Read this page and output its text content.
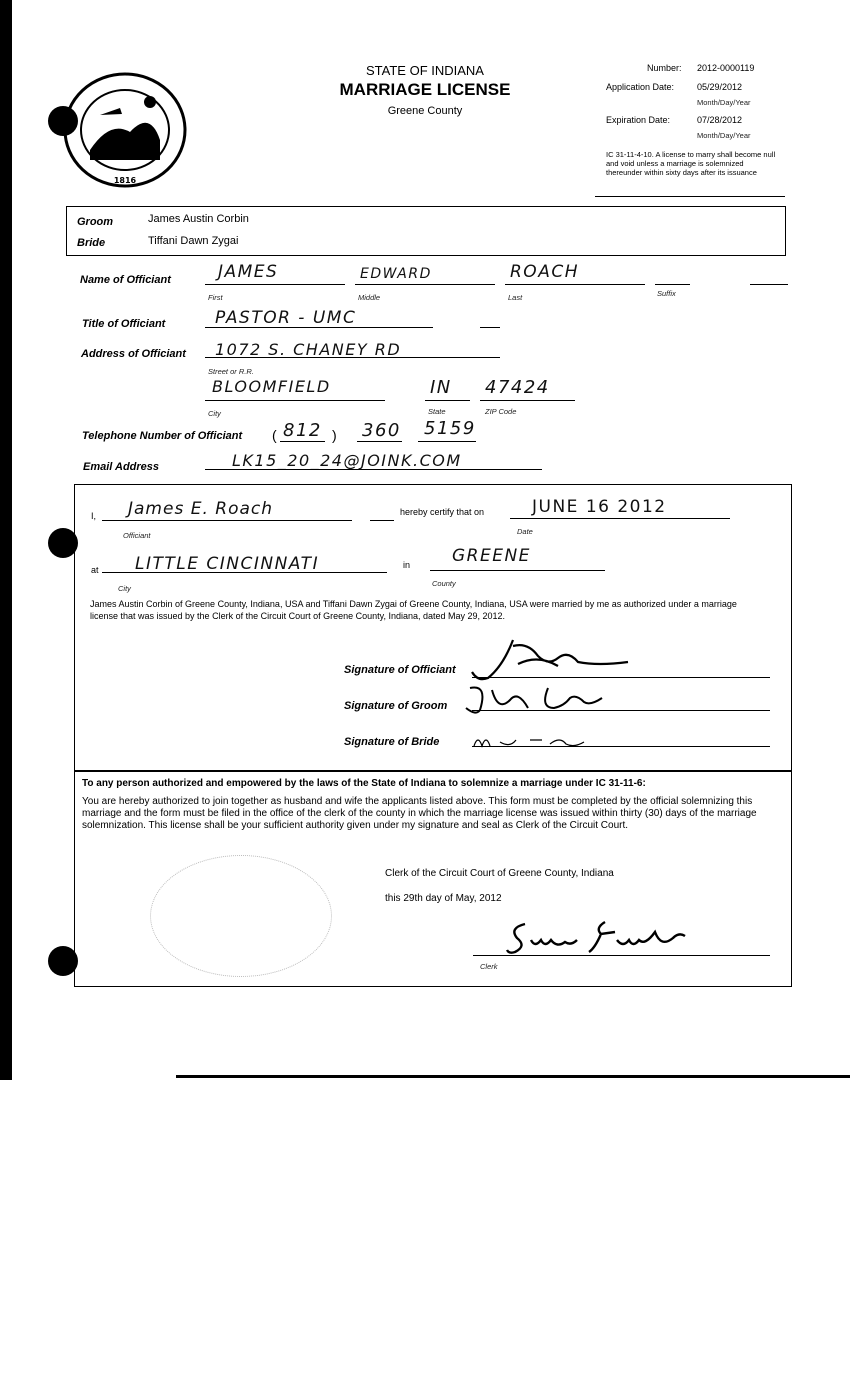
1816
STATE OF INDIANA
MARRIAGE LICENSE
Greene County
Number: 2012-0000119
Application Date:	05/29/2012
Month/Day/Year
Expiration Date:	07/28/2012
Month/Day/Year
IC 31-11-4-10. A license to marry shall become null and void unless a marriage is solemnized thereunder within sixty days after its issuance
Groom	James Austin Corbin
Bride	Tiffani Dawn Zygai
Name of Officiant	JAMES
First
EDWARD
Middle
ROACH
Last	Suffix
Title of Officiant	PASTOR - UMC
Address of Officiant 1072 S. CHANEY RD
Street or R.R.
BLOOMFIELD
City
IN
State
47424
ZIP Code
Telephone Number of Officiant ( 812 ) 360 5159
Email Address	LK15_20_24@JOINK.COM
I, James E. Roach
Officiant
hereby certify that on	JUNE 16 2012
Date
at LITTLE CINCINNATI
City
in GREENE
County
James Austin Corbin of Greene County, Indiana, USA and Tiffani Dawn Zygai of Greene County, Indiana, USA were married by me as authorized under a marriage license that was issued by the Clerk of the Circuit Court of Greene County, Indiana, dated May 29, 2012.
Signature of Officiant
Signature of Groom
Signature of Bride
To any person authorized and empowered by the laws of the State of Indiana to solemnize a marriage under IC 31-11-6:
You are hereby authorized to join together as husband and wife the applicants listed above. This form must be completed by the official solemnizing this marriage and the form must be filed in the office of the clerk of the county in which the marriage license was issued within thirty (30) days of the marriage solemnization. This license shall be your sufficient authority given under my signature and seal as Clerk of the Circuit Court.
Clerk of the Circuit Court of Greene County, Indiana
this 29th day of May, 2012
Clerk
